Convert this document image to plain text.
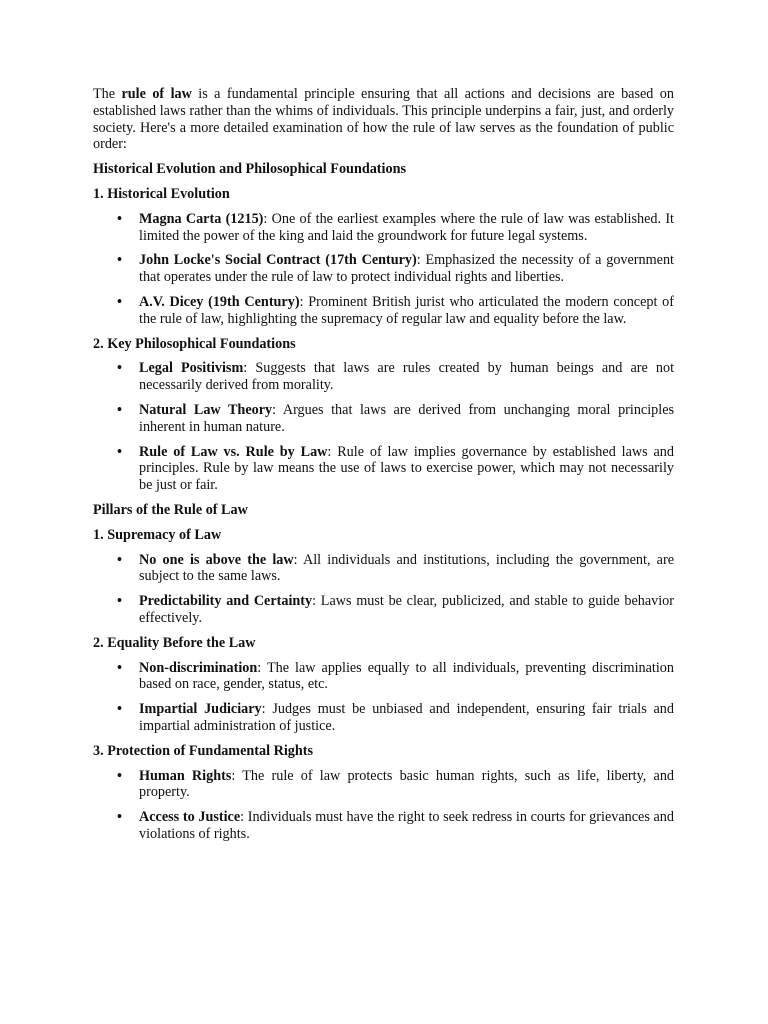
The rule of law is a fundamental principle ensuring that all actions and decisions are based on established laws rather than the whims of individuals. This principle underpins a fair, just, and orderly society. Here's a more detailed examination of how the rule of law serves as the foundation of public order:

Historical Evolution and Philosophical Foundations
1. Historical Evolution
• Magna Carta (1215): One of the earliest examples where the rule of law was established. It limited the power of the king and laid the groundwork for future legal systems.
• John Locke's Social Contract (17th Century): Emphasized the necessity of a government that operates under the rule of law to protect individual rights and liberties.
• A.V. Dicey (19th Century): Prominent British jurist who articulated the modern concept of the rule of law, highlighting the supremacy of regular law and equality before the law.
2. Key Philosophical Foundations
• Legal Positivism: Suggests that laws are rules created by human beings and are not necessarily derived from morality.
• Natural Law Theory: Argues that laws are derived from unchanging moral principles inherent in human nature.
• Rule of Law vs. Rule by Law: Rule of law implies governance by established laws and principles. Rule by law means the use of laws to exercise power, which may not necessarily be just or fair.
Pillars of the Rule of Law
1. Supremacy of Law
• No one is above the law: All individuals and institutions, including the government, are subject to the same laws.
• Predictability and Certainty: Laws must be clear, publicized, and stable to guide behavior effectively.
2. Equality Before the Law
• Non-discrimination: The law applies equally to all individuals, preventing discrimination based on race, gender, status, etc.
• Impartial Judiciary: Judges must be unbiased and independent, ensuring fair trials and impartial administration of justice.
3. Protection of Fundamental Rights
• Human Rights: The rule of law protects basic human rights, such as life, liberty, and property.
• Access to Justice: Individuals must have the right to seek redress in courts for grievances and violations of rights.
